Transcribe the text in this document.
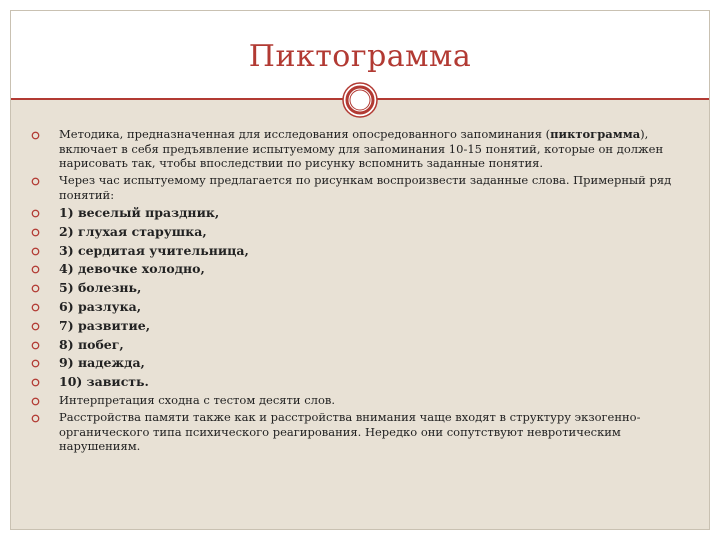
Пиктограмма
Методика, предназначенная для исследования опосредованного запоминания (пиктограмма), включает в себя предъявление испытуемому для запоминания 10-15 понятий, которые он должен нарисовать так, чтобы впоследствии по рисунку вспомнить заданные понятия.
Через час испытуемому предлагается по рисункам воспроизвести заданные слова. Примерный ряд понятий:
1) веселый праздник,
2) глухая старушка,
3) сердитая учительница,
4) девочке холодно,
5) болезнь,
6) разлука,
7) развитие,
8) побег,
9) надежда,
10) зависть.
Интерпретация сходна с тестом десяти слов.
Расстройства памяти также как и расстройства внимания чаще входят в структуру экзогенно-органического типа психического реагирования. Нередко они сопутствуют невротическим нарушениям.
